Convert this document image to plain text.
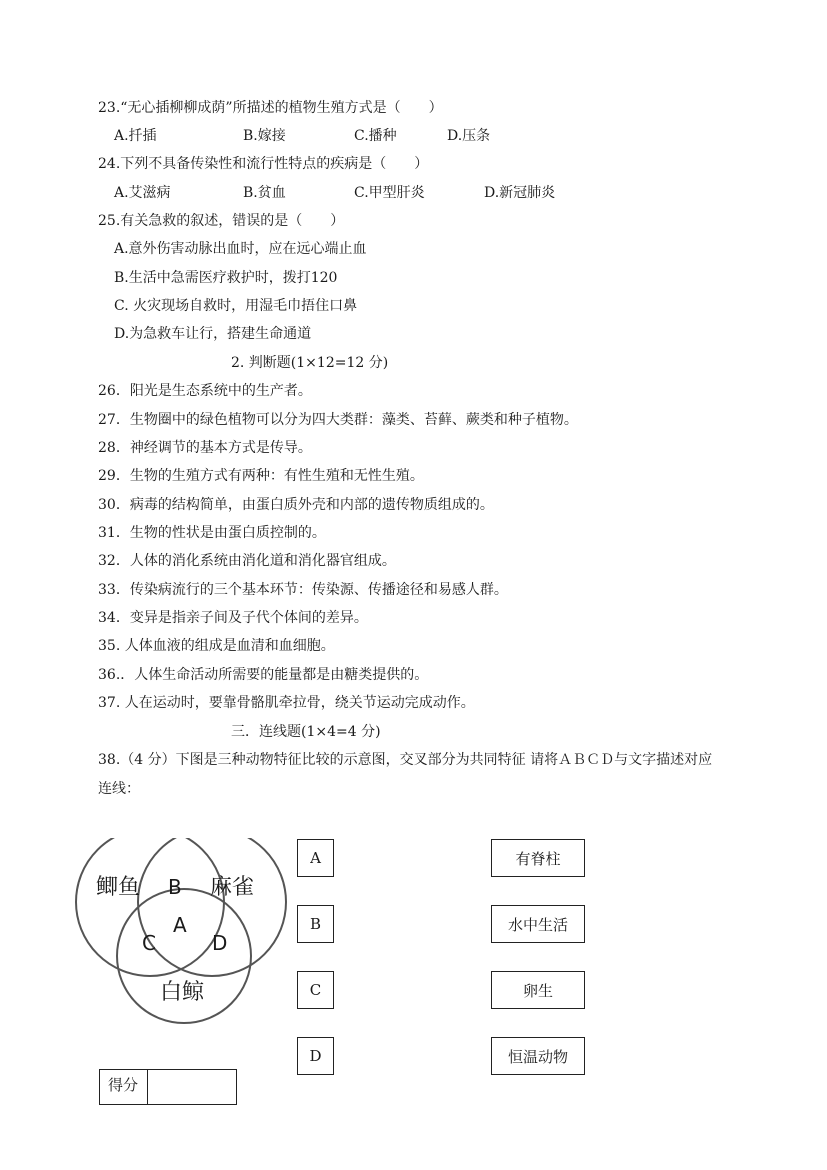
23.“无心插柳柳成荫”所描述的植物生殖方式是（　　）
A.扦插	B.嫁接	C.播种	D.压条
24.下列不具备传染性和流行性特点的疾病是（　　）
A.艾滋病	B.贫血	C.甲型肝炎	D.新冠肺炎
25.有关急救的叙述，错误的是（　　）
A.意外伤害动脉出血时，应在远心端止血
B.生活中急需医疗救护时，拨打120
C. 火灾现场自救时，用湿毛巾捂住口鼻
D.为急救车让行，搭建生命通道
2. 判断题(1×12=12 分)
26．阳光是生态系统中的生产者。
27．生物圈中的绿色植物可以分为四大类群：藻类、苔藓、蕨类和种子植物。
28．神经调节的基本方式是传导。
29．生物的生殖方式有两种：有性生殖和无性生殖。
30．病毒的结构简单，由蛋白质外壳和内部的遗传物质组成的。
31．生物的性状是由蛋白质控制的。
32．人体的消化系统由消化道和消化器官组成。
33．传染病流行的三个基本环节：传染源、传播途径和易感人群。
34．变异是指亲子间及子代个体间的差异。
35. 人体血液的组成是血清和血细胞。
36.．人体生命活动所需要的能量都是由糖类提供的。
37. 人在运动时，要靠骨骼肌牵拉骨，绕关节运动完成动作。
三．连线题(1×4=4 分)
38.（4 分）下图是三种动物特征比较的示意图，交叉部分为共同特征 请将ＡＢＣＤ与文字描述对应
连线：
鲫鱼	麻雀
白鲸
B
A
C	D
A
B
C
D
有脊柱
水中生活
卵生
恒温动物
得分
